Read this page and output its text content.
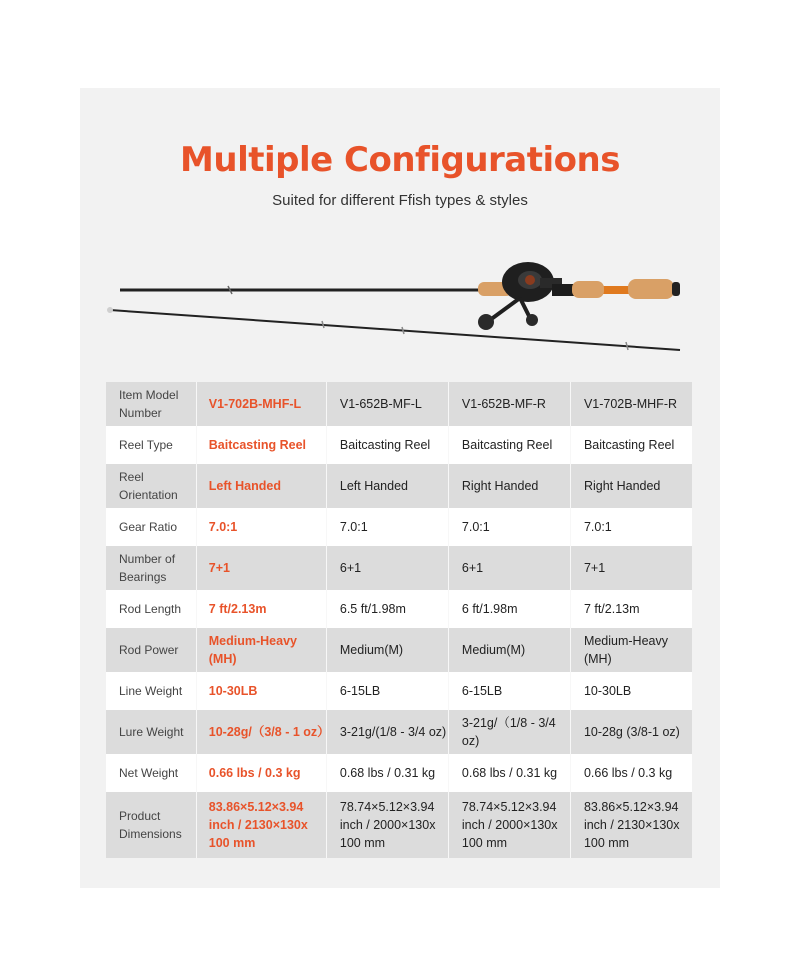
Multiple Configurations
Suited for different Ffish types & styles
Item Model Number	V1-702B-MHF-L	V1-652B-MF-L	V1-652B-MF-R	V1-702B-MHF-R
Reel Type	Baitcasting Reel	Baitcasting Reel	Baitcasting Reel	Baitcasting Reel
Reel Orientation	Left Handed	Left Handed	Right Handed	Right Handed
Gear Ratio	7.0:1	7.0:1	7.0:1	7.0:1
Number of Bearings	7+1	6+1	6+1	7+1
Rod Length	7 ft/2.13m	6.5 ft/1.98m	6 ft/1.98m	7 ft/2.13m
Rod Power	Medium-Heavy (MH)	Medium(M)	Medium(M)	Medium-Heavy (MH)
Line Weight	10-30LB	6-15LB	6-15LB	10-30LB
Lure Weight	10-28g/（3/8 - 1 oz）	3-21g/(1/8 - 3/4 oz)	3-21g/（1/8 - 3/4 oz)	10-28g (3/8-1 oz)
Net Weight	0.66 lbs / 0.3 kg	0.68 lbs / 0.31 kg	0.68 lbs / 0.31 kg	0.66 lbs / 0.3 kg
Product Dimensions	83.86×5.12×3.94 inch / 2130×130x 100 mm	78.74×5.12×3.94 inch / 2000×130x 100 mm	78.74×5.12×3.94 inch / 2000×130x 100 mm	83.86×5.12×3.94 inch / 2130×130x 100 mm
